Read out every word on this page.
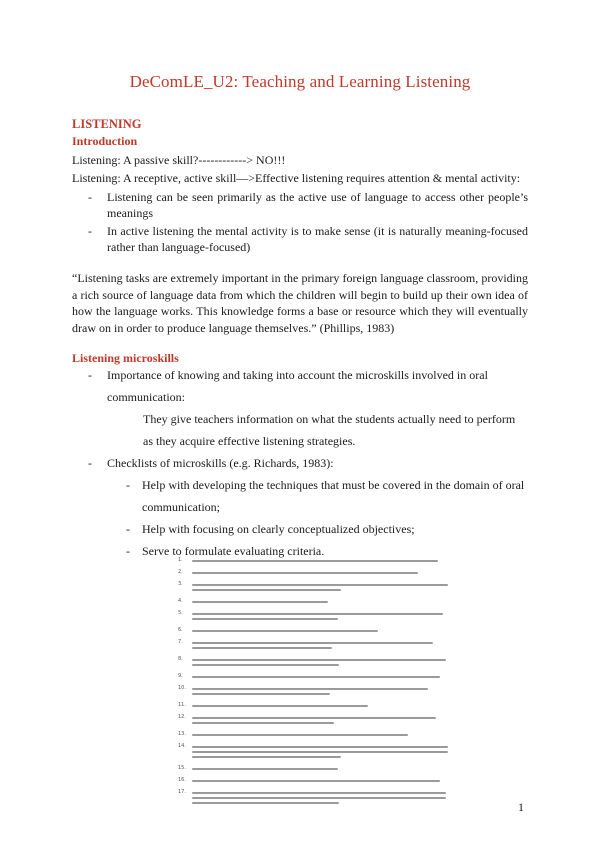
DeComLE_U2: Teaching and Learning Listening
LISTENING
Introduction
Listening: A passive skill?------------> NO!!!
Listening: A receptive, active skill—>Effective listening requires attention & mental activity:
- Listening can be seen primarily as the active use of language to access other people’s meanings
- In active listening the mental activity is to make sense (it is naturally meaning-focused rather than language-focused)
“Listening tasks are extremely important in the primary foreign language classroom, providing a rich source of language data from which the children will begin to build up their own idea of how the language works. This knowledge forms a base or resource which they will eventually draw on in order to produce language themselves.” (Phillips, 1983)
Listening microskills
- Importance of knowing and taking into account the microskills involved in oral communication:
They give teachers information on what the students actually need to perform as they acquire effective listening strategies.
- Checklists of microskills (e.g. Richards, 1983):
- Help with developing the techniques that must be covered in the domain of oral communication;
- Help with focusing on clearly conceptualized objectives;
- Serve to formulate evaluating criteria.
1.
2.
3.
4.
5.
6.
7.
8.
9.
10.
11.
12.
13.
14.
15.
16.
17.
1
